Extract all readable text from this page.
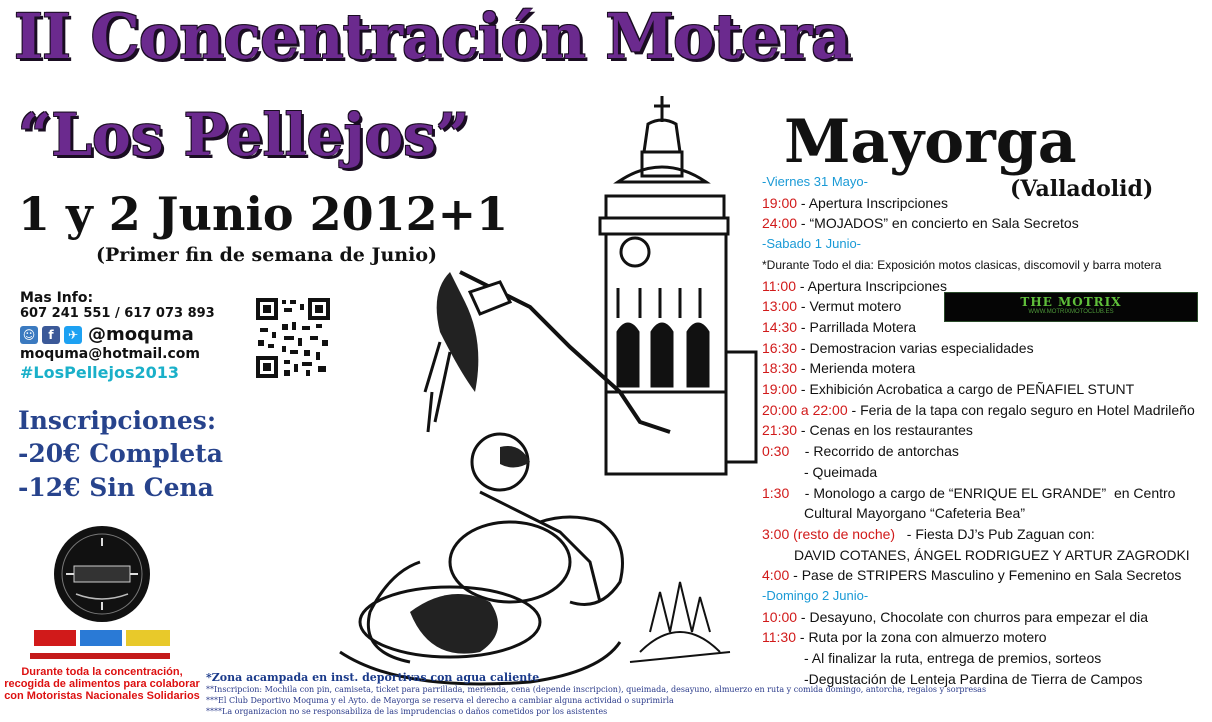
II Concentración Motera
“Los Pellejos”
1 y 2 Junio 2012+1
(Primer fin de semana de Junio)
Mayorga
(Valladolid)
Mas Info:
607 241 551 / 617 073 893
☺	f	✈ @moquma
moquma@hotmail.com
#LosPellejos2013
Inscripciones:
-20€ Completa
-12€ Sin Cena
Durante toda la concentración, recogida de alimentos para colaborar con Motoristas Nacionales Solidarios
THE MOTRIX
WWW.MOTRIXMOTOCLUB.ES
-Viernes 31 Mayo-
19:00 - Apertura Inscripciones
24:00 - “MOJADOS” en concierto en Sala Secretos
-Sabado 1 Junio-
*Durante Todo el dia: Exposición motos clasicas, discomovil y barra motera
11:00 - Apertura Inscripciones
13:00 - Vermut motero
14:30 - Parrillada Motera
16:30 - Demostracion varias especialidades
18:30 - Merienda motera
19:00 - Exhibición Acrobatica a cargo de PEÑAFIEL STUNT
20:00 a 22:00 - Feria de la tapa con regalo seguro en Hotel Madrileño
21:30 - Cenas en los restaurantes
0:30    - Recorrido de antorchas
- Queimada
1:30    - Monologo a cargo de “ENRIQUE EL GRANDE”  en Centro
Cultural Mayorgano “Cafeteria Bea”
3:00 (resto de noche)   - Fiesta DJ’s Pub Zaguan con:
DAVID COTANES, ÁNGEL RODRIGUEZ Y ARTUR ZAGRODKI
4:00 - Pase de STRIPERS Masculino y Femenino en Sala Secretos
-Domingo 2 Junio-
10:00 - Desayuno, Chocolate con churros para empezar el dia
11:30 - Ruta por la zona con almuerzo motero
- Al finalizar la ruta, entrega de premios, sorteos
-Degustación de Lenteja Pardina de Tierra de Campos
*Zona acampada en inst. deportivas con agua caliente
**Inscripcion: Mochila con pin, camiseta, ticket para parrillada, merienda, cena (depende inscripcion), queimada, desayuno, almuerzo en ruta y comida domingo, antorcha, regalos y sorpresas
***El Club Deportivo Moquma y el Ayto. de Mayorga se reserva el derecho a cambiar alguna actividad o suprimirla
****La organizacion no se responsabiliza de las imprudencias o daños cometidos por los asistentes
